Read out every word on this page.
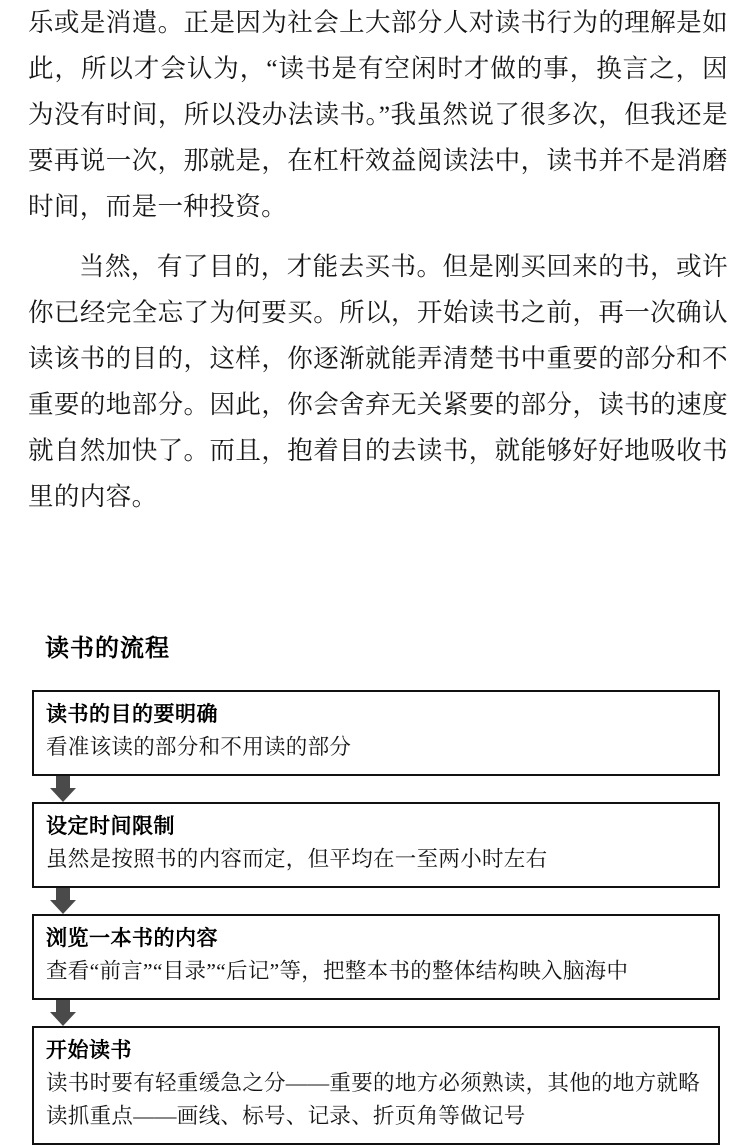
乐或是消遣。正是因为社会上大部分人对读书行为的理解是如此，所以才会认为，“读书是有空闲时才做的事，换言之，因为没有时间，所以没办法读书。”我虽然说了很多次，但我还是要再说一次，那就是，在杠杆效益阅读法中，读书并不是消磨时间，而是一种投资。

当然，有了目的，才能去买书。但是刚买回来的书，或许你已经完全忘了为何要买。所以，开始读书之前，再一次确认读该书的目的，这样，你逐渐就能弄清楚书中重要的部分和不重要的地部分。因此，你会舍弃无关紧要的部分，读书的速度就自然加快了。而且，抱着目的去读书，就能够好好地吸收书里的内容。

读书的流程
读书的目的要明确
看准该读的部分和不用读的部分
设定时间限制
虽然是按照书的内容而定，但平均在一至两小时左右
浏览一本书的内容
查看“前言”“目录”“后记”等，把整本书的整体结构映入脑海中
开始读书
读书时要有轻重缓急之分——重要的地方必须熟读，其他的地方就略读抓重点——画线、标号、记录、折页角等做记号
